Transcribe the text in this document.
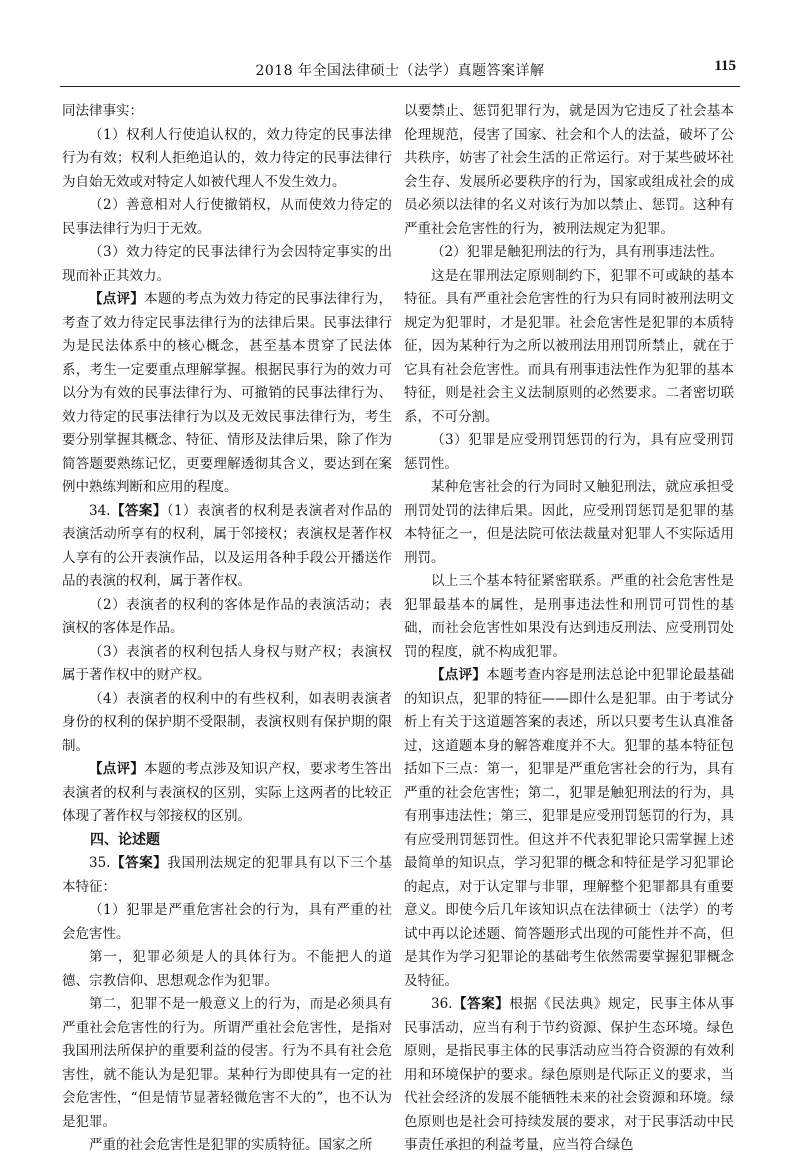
2018 年全国法律硕士（法学）真题答案详解	115

同法律事实：

（1）权利人行使追认权的，效力待定的民事法律行为有效；权利人拒绝追认的，效力待定的民事法律行为自始无效或对特定人如被代理人不发生效力。

（2）善意相对人行使撤销权，从而使效力待定的民事法律行为归于无效。

（3）效力待定的民事法律行为会因特定事实的出现而补正其效力。

【点评】本题的考点为效力待定的民事法律行为，考查了效力待定民事法律行为的法律后果。民事法律行为是民法体系中的核心概念，甚至基本贯穿了民法体系，考生一定要重点理解掌握。根据民事行为的效力可以分为有效的民事法律行为、可撤销的民事法律行为、效力待定的民事法律行为以及无效民事法律行为，考生要分别掌握其概念、特征、情形及法律后果，除了作为简答题要熟练记忆，更要理解透彻其含义，要达到在案例中熟练判断和应用的程度。

34.【答案】（1）表演者的权利是表演者对作品的表演活动所享有的权利，属于邻接权；表演权是著作权人享有的公开表演作品，以及运用各种手段公开播送作品的表演的权利，属于著作权。

（2）表演者的权利的客体是作品的表演活动；表演权的客体是作品。

（3）表演者的权利包括人身权与财产权；表演权属于著作权中的财产权。

（4）表演者的权利中的有些权利，如表明表演者身份的权利的保护期不受限制，表演权则有保护期的限制。

【点评】本题的考点涉及知识产权，要求考生答出表演者的权利与表演权的区别，实际上这两者的比较正体现了著作权与邻接权的区别。

四、论述题

35.【答案】我国刑法规定的犯罪具有以下三个基本特征：

（1）犯罪是严重危害社会的行为，具有严重的社会危害性。

第一，犯罪必须是人的具体行为。不能把人的道德、宗教信仰、思想观念作为犯罪。

第二，犯罪不是一般意义上的行为，而是必须具有严重社会危害性的行为。所谓严重社会危害性，是指对我国刑法所保护的重要利益的侵害。行为不具有社会危害性，就不能认为是犯罪。某种行为即使具有一定的社会危害性，“但是情节显著轻微危害不大的”，也不认为是犯罪。

严重的社会危害性是犯罪的实质特征。国家之所

以要禁止、惩罚犯罪行为，就是因为它违反了社会基本伦理规范，侵害了国家、社会和个人的法益，破坏了公共秩序，妨害了社会生活的正常运行。对于某些破坏社会生存、发展所必要秩序的行为，国家或组成社会的成员必须以法律的名义对该行为加以禁止、惩罚。这种有严重社会危害性的行为，被刑法规定为犯罪。

（2）犯罪是触犯刑法的行为，具有刑事违法性。

这是在罪刑法定原则制约下，犯罪不可或缺的基本特征。具有严重社会危害性的行为只有同时被刑法明文规定为犯罪时，才是犯罪。社会危害性是犯罪的本质特征，因为某种行为之所以被刑法用刑罚所禁止，就在于它具有社会危害性。而具有刑事违法性作为犯罪的基本特征，则是社会主义法制原则的必然要求。二者密切联系，不可分割。

（3）犯罪是应受刑罚惩罚的行为，具有应受刑罚惩罚性。

某种危害社会的行为同时又触犯刑法，就应承担受刑罚处罚的法律后果。因此，应受刑罚惩罚是犯罪的基本特征之一，但是法院可依法裁量对犯罪人不实际适用刑罚。

以上三个基本特征紧密联系。严重的社会危害性是犯罪最基本的属性，是刑事违法性和刑罚可罚性的基础，而社会危害性如果没有达到违反刑法、应受刑罚处罚的程度，就不构成犯罪。

【点评】本题考查内容是刑法总论中犯罪论最基础的知识点，犯罪的特征——即什么是犯罪。由于考试分析上有关于这道题答案的表述，所以只要考生认真准备过，这道题本身的解答难度并不大。犯罪的基本特征包括如下三点：第一，犯罪是严重危害社会的行为，具有严重的社会危害性；第二，犯罪是触犯刑法的行为，具有刑事违法性；第三，犯罪是应受刑罚惩罚的行为，具有应受刑罚惩罚性。但这并不代表犯罪论只需掌握上述最简单的知识点，学习犯罪的概念和特征是学习犯罪论的起点，对于认定罪与非罪，理解整个犯罪都具有重要意义。即使今后几年该知识点在法律硕士（法学）的考试中再以论述题、简答题形式出现的可能性并不高，但是其作为学习犯罪论的基础考生依然需要掌握犯罪概念及特征。

36.【答案】根据《民法典》规定，民事主体从事民事活动，应当有利于节约资源、保护生态环境。绿色原则，是指民事主体的民事活动应当符合资源的有效利用和环境保护的要求。绿色原则是代际正义的要求，当代社会经济的发展不能牺牲未来的社会资源和环境。绿色原则也是社会可持续发展的要求，对于民事活动中民事责任承担的利益考量，应当符合绿色
